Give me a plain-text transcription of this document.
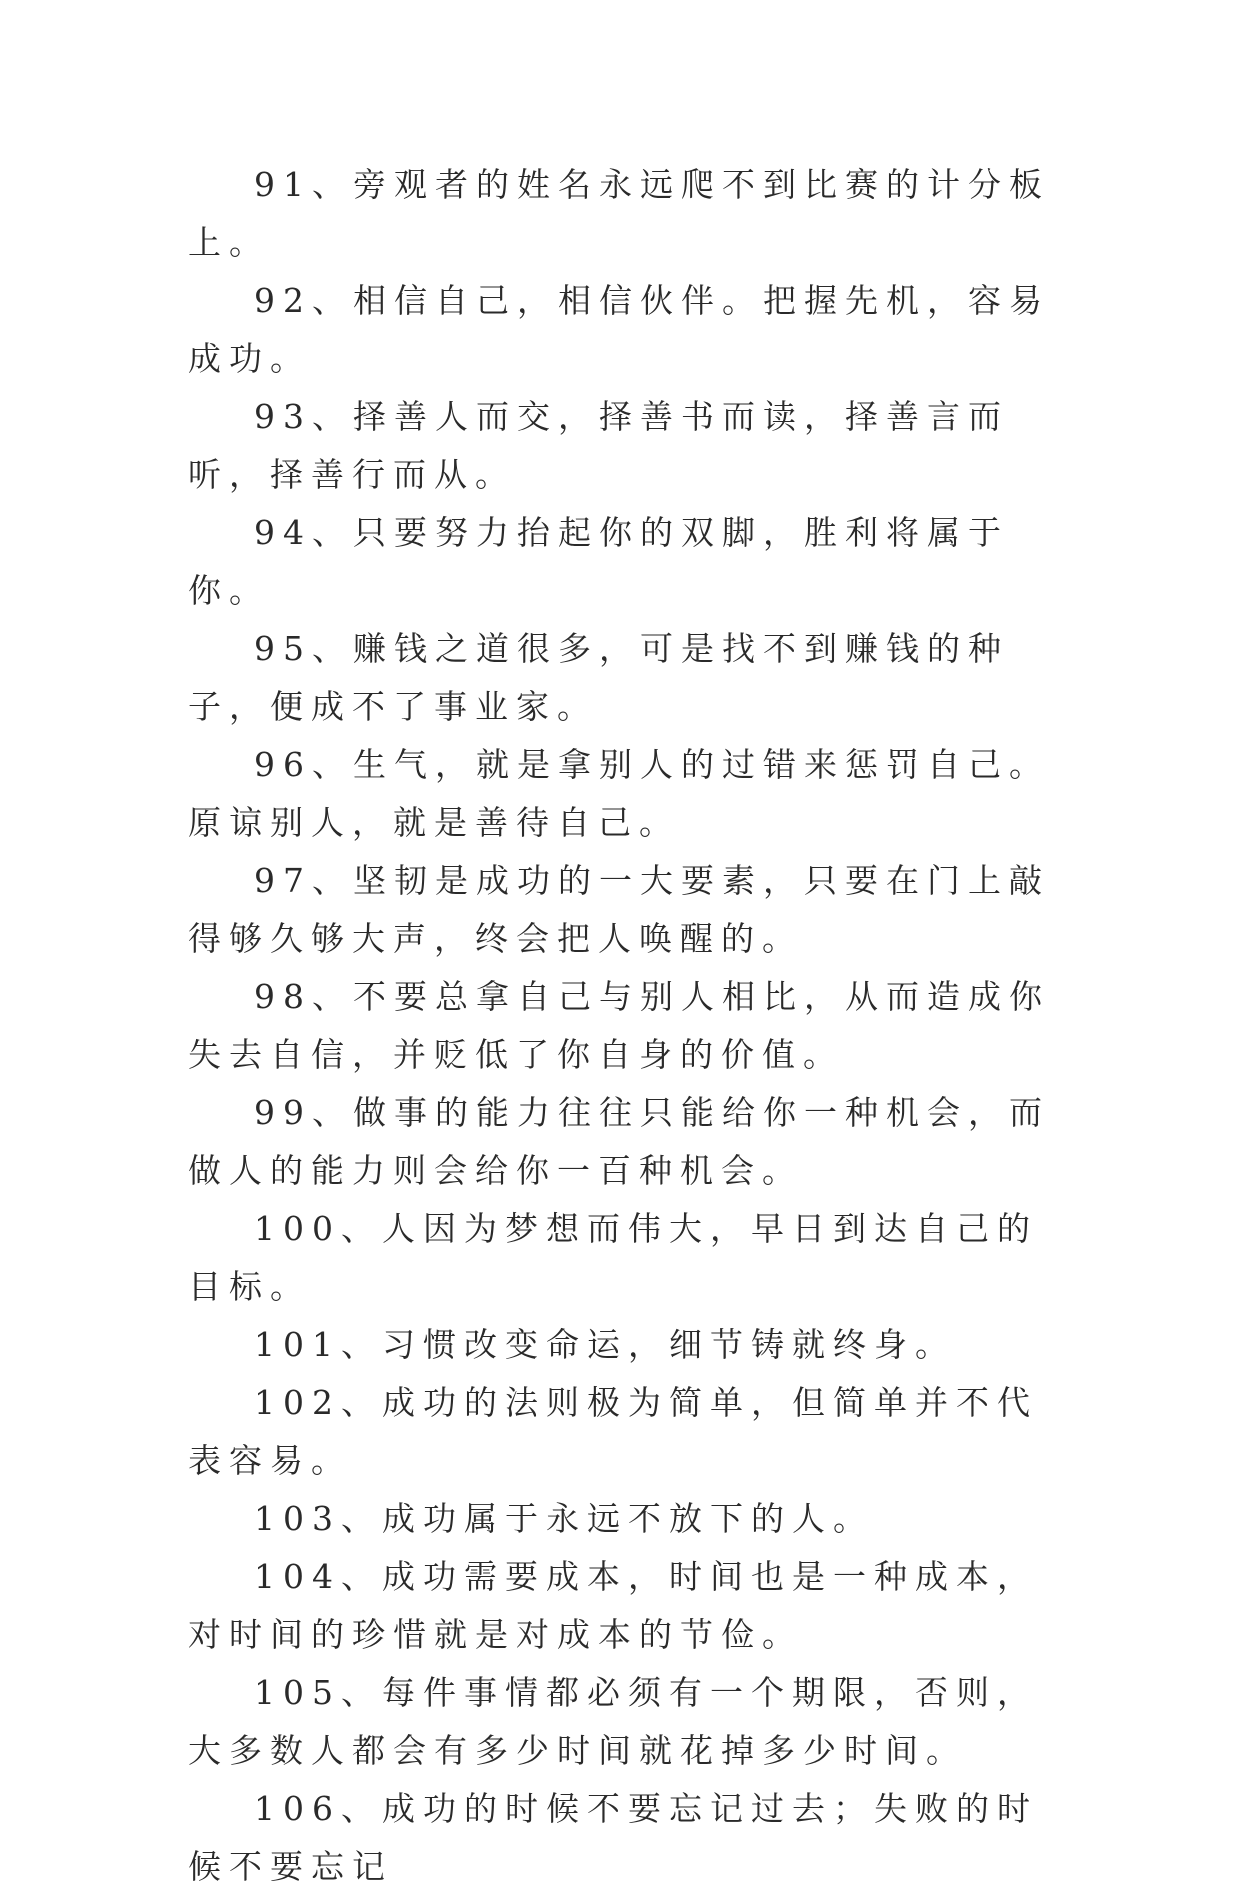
91、旁观者的姓名永远爬不到比赛的计分板上。

92、相信自己，相信伙伴。把握先机，容易成功。

93、择善人而交，择善书而读，择善言而听，择善行而从。

94、只要努力抬起你的双脚，胜利将属于你。

95、赚钱之道很多，可是找不到赚钱的种子，便成不了事业家。

96、生气，就是拿别人的过错来惩罚自己。原谅别人，就是善待自己。

97、坚韧是成功的一大要素，只要在门上敲得够久够大声，终会把人唤醒的。

98、不要总拿自己与别人相比，从而造成你失去自信，并贬低了你自身的价值。

99、做事的能力往往只能给你一种机会，而做人的能力则会给你一百种机会。

100、人因为梦想而伟大，早日到达自己的目标。

101、习惯改变命运，细节铸就终身。

102、成功的法则极为简单，但简单并不代表容易。

103、成功属于永远不放下的人。

104、成功需要成本，时间也是一种成本，对时间的珍惜就是对成本的节俭。

105、每件事情都必须有一个期限，否则，大多数人都会有多少时间就花掉多少时间。

106、成功的时候不要忘记过去；失败的时候不要忘记
